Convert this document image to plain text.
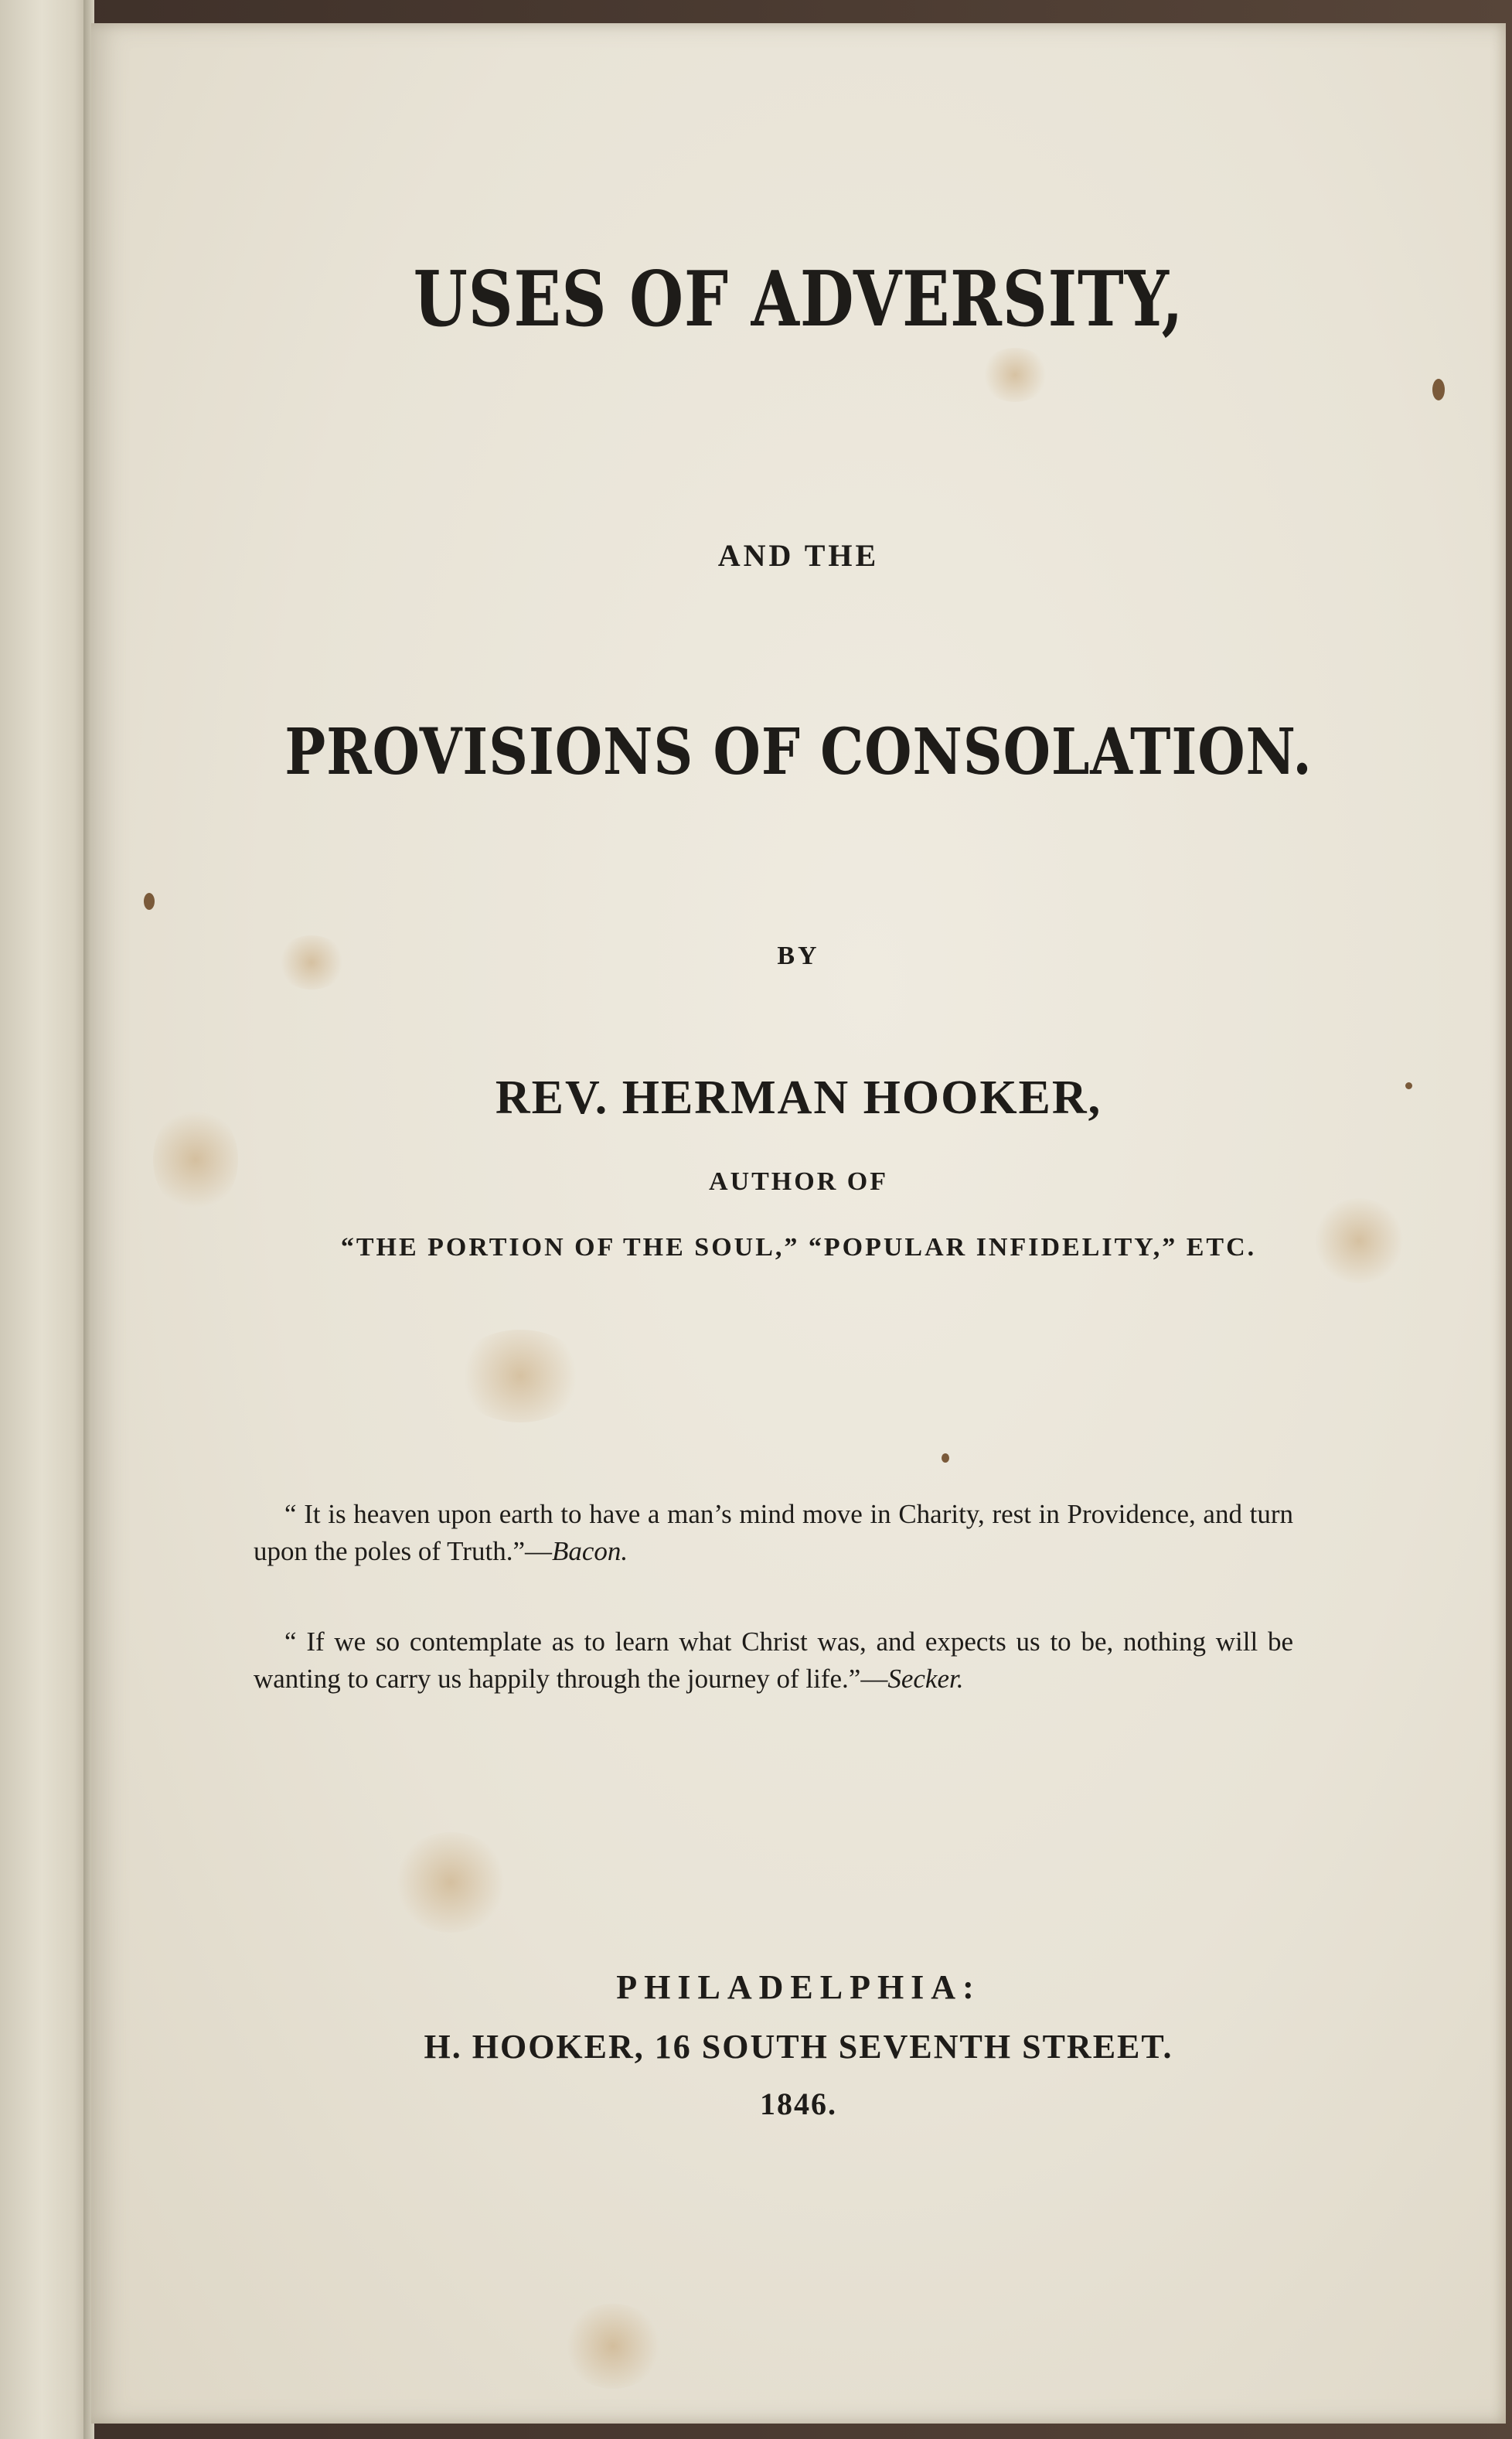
USES OF ADVERSITY,
AND THE
PROVISIONS OF CONSOLATION.
BY
REV. HERMAN HOOKER,
AUTHOR OF
“THE PORTION OF THE SOUL,” “POPULAR INFIDELITY,” ETC.
“ It is heaven upon earth to have a man’s mind move in Charity, rest in Providence, and turn upon the poles of Truth.”—Bacon.
“ If we so contemplate as to learn what Christ was, and expects us to be, nothing will be wanting to carry us happily through the journey of life.”—Secker.
PHILADELPHIA:
H. HOOKER, 16 SOUTH SEVENTH STREET.
1846.
